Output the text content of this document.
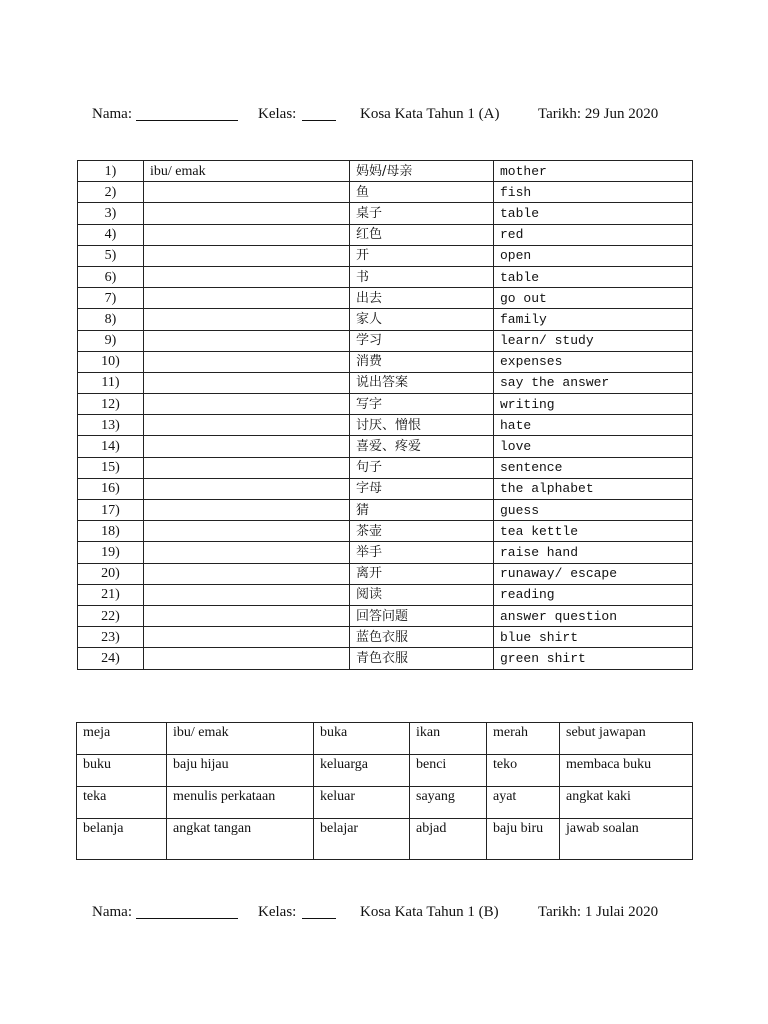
Nama:	Kelas:	Kosa Kata Tahun 1 (A)	Tarikh: 29 Jun 2020
1)	ibu/ emak	妈妈/母亲	mother
2)		鱼	fish
3)		桌子	table
4)		红色	red
5)		开	open
6)		书	table
7)		出去	go out
8)		家人	family
9)		学习	learn/ study
10)		消费	expenses
11)		说出答案	say the answer
12)		写字	writing
13)		讨厌、憎恨	hate
14)		喜爱、疼爱	love
15)		句子	sentence
16)		字母	the alphabet
17)		猜	guess
18)		茶壶	tea kettle
19)		举手	raise hand
20)		离开	runaway/ escape
21)		阅读	reading
22)		回答问题	answer question
23)		蓝色衣服	blue shirt
24)		青色衣服	green shirt
meja	ibu/ emak	buka	ikan	merah	sebut jawapan
buku	baju hijau	keluarga	benci	teko	membaca buku
teka	menulis perkataan	keluar	sayang	ayat	angkat kaki
belanja	angkat tangan	belajar	abjad	baju biru	jawab soalan
Nama:	Kelas:	Kosa Kata Tahun 1 (B)	Tarikh: 1 Julai 2020
